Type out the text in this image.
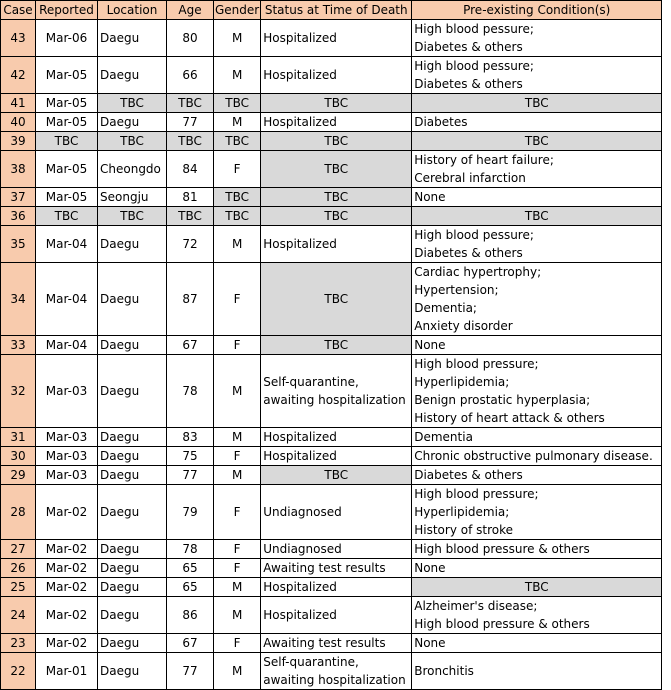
Case	Reported	Location	Age	Gender	Status at Time of Death	Pre-existing Condition(s)
43	Mar-06	Daegu	80	M	Hospitalized	High blood pessure;
Diabetes & others

42	Mar-05	Daegu	66	M	Hospitalized	High blood pessure;
Diabetes & others

41	Mar-05	TBC	TBC	TBC	TBC	TBC

40	Mar-05	Daegu	77	M	Hospitalized	Diabetes

39	TBC	TBC	TBC	TBC	TBC	TBC

38	Mar-05	Cheongdo	84	F	TBC	History of heart failure;
Cerebral infarction

37	Mar-05	Seongju	81	TBC	TBC	None

36	TBC	TBC	TBC	TBC	TBC	TBC

35	Mar-04	Daegu	72	M	Hospitalized	High blood pessure;
Diabetes & others

34	Mar-04	Daegu	87	F	TBC	Cardiac hypertrophy;
Hypertension;
Dementia;
Anxiety disorder

33	Mar-04	Daegu	67	F	TBC	None

32	Mar-03	Daegu	78	M	Self-quarantine,
awaiting hospitalization	High blood pressure;
Hyperlipidemia;
Benign prostatic hyperplasia;
History of heart attack & others

31	Mar-03	Daegu	83	M	Hospitalized	Dementia

30	Mar-03	Daegu	75	F	Hospitalized	Chronic obstructive pulmonary disease.

29	Mar-03	Daegu	77	M	TBC	Diabetes & others

28	Mar-02	Daegu	79	F	Undiagnosed	High blood pressure;
Hyperlipidemia;
History of stroke

27	Mar-02	Daegu	78	F	Undiagnosed	High blood pressure & others

26	Mar-02	Daegu	65	F	Awaiting test results	None

25	Mar-02	Daegu	65	M	Hospitalized	TBC

24	Mar-02	Daegu	86	M	Hospitalized	Alzheimer's disease;
High blood pressure & others

23	Mar-02	Daegu	67	F	Awaiting test results	None

22	Mar-01	Daegu	77	M	Self-quarantine,
awaiting hospitalization	Bronchitis
